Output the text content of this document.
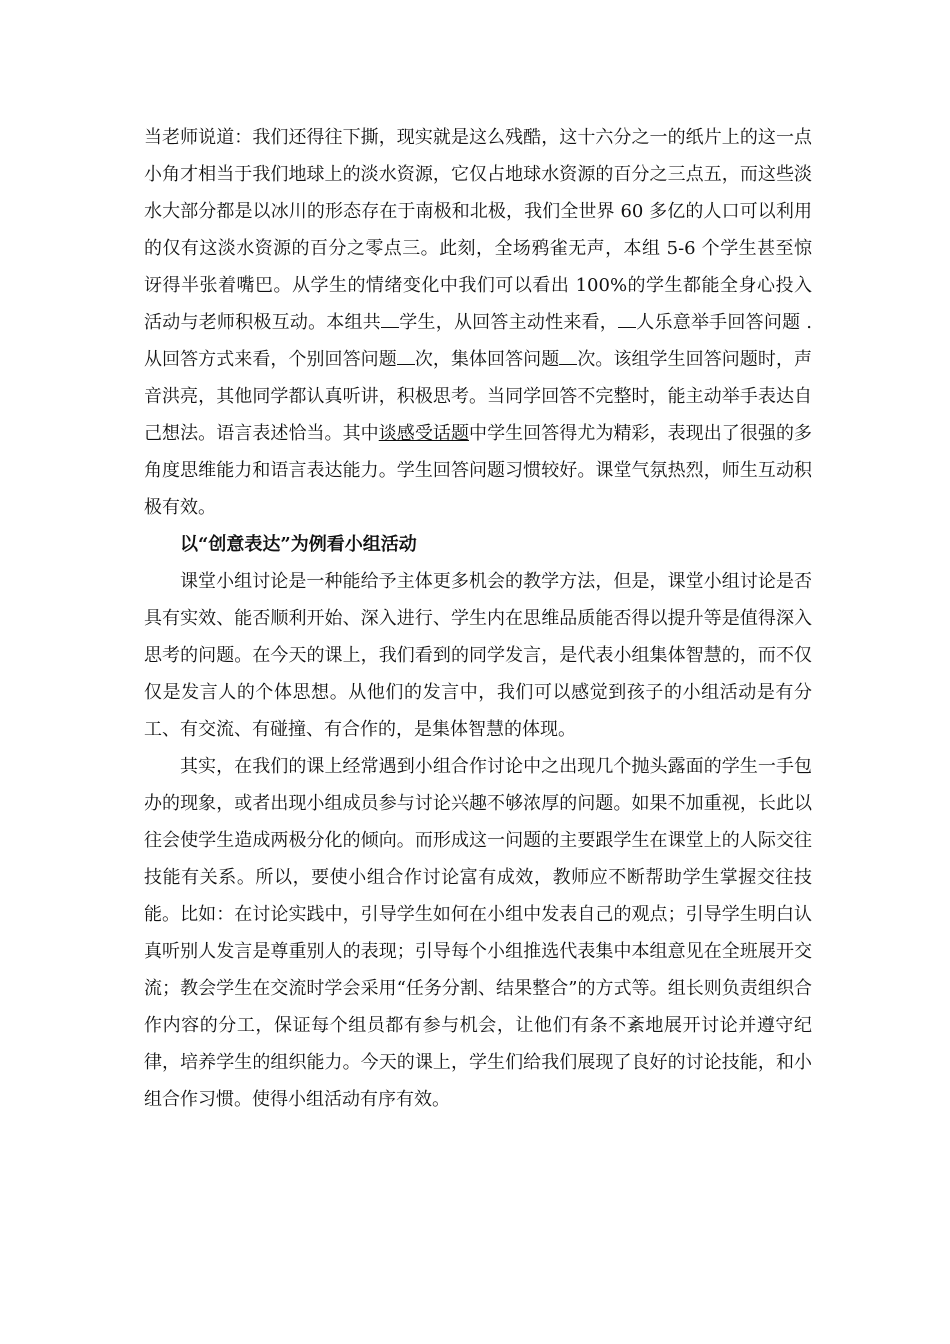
当老师说道：我们还得往下撕，现实就是这么残酷，这十六分之一的纸片上的这一点小角才相当于我们地球上的淡水资源，它仅占地球水资源的百分之三点五，而这些淡水大部分都是以冰川的形态存在于南极和北极，我们全世界 60 多亿的人口可以利用的仅有这淡水资源的百分之零点三。此刻，全场鸦雀无声，本组 5-6 个学生甚至惊讶得半张着嘴巴。从学生的情绪变化中我们可以看出 100%的学生都能全身心投入活动与老师积极互动。本组共 学生，从回答主动性来看， 人乐意举手回答问题 . 从回答方式来看，个别回答问题 次，集体回答问题 次。该组学生回答问题时，声音洪亮，其他同学都认真听讲，积极思考。当同学回答不完整时，能主动举手表达自己想法。语言表述恰当。其中谈感受话题中学生回答得尤为精彩，表现出了很强的多角度思维能力和语言表达能力。学生回答问题习惯较好。课堂气氛热烈，师生互动积极有效。

以“创意表达”为例看小组活动

课堂小组讨论是一种能给予主体更多机会的教学方法，但是，课堂小组讨论是否具有实效、能否顺利开始、深入进行、学生内在思维品质能否得以提升等是值得深入思考的问题。在今天的课上，我们看到的同学发言，是代表小组集体智慧的，而不仅仅是发言人的个体思想。从他们的发言中，我们可以感觉到孩子的小组活动是有分工、有交流、有碰撞、有合作的，是集体智慧的体现。

其实，在我们的课上经常遇到小组合作讨论中之出现几个抛头露面的学生一手包办的现象，或者出现小组成员参与讨论兴趣不够浓厚的问题。如果不加重视，长此以往会使学生造成两极分化的倾向。而形成这一问题的主要跟学生在课堂上的人际交往技能有关系。所以，要使小组合作讨论富有成效，教师应不断帮助学生掌握交往技能。比如：在讨论实践中，引导学生如何在小组中发表自己的观点；引导学生明白认真听别人发言是尊重别人的表现；引导每个小组推选代表集中本组意见在全班展开交流；教会学生在交流时学会采用“任务分割、结果整合”的方式等。组长则负责组织合作内容的分工，保证每个组员都有参与机会，让他们有条不紊地展开讨论并遵守纪律，培养学生的组织能力。今天的课上，学生们给我们展现了良好的讨论技能，和小组合作习惯。使得小组活动有序有效。
